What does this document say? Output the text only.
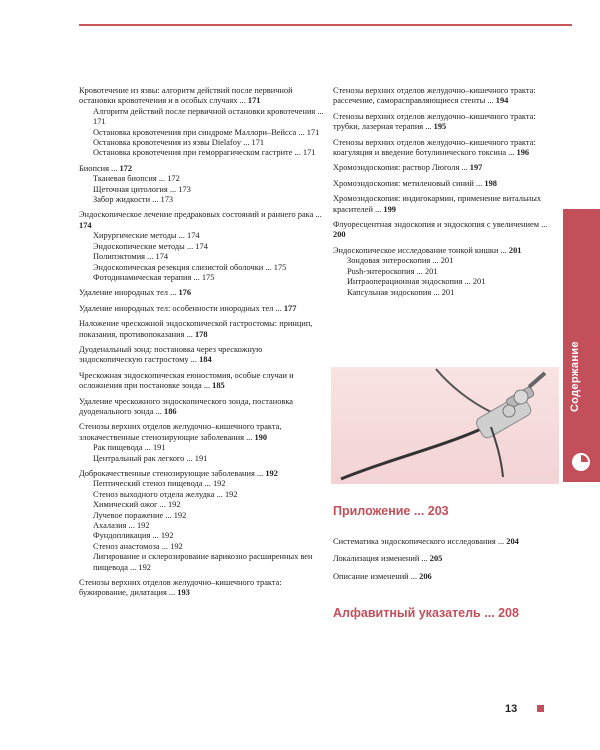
Кровотечение из язвы: алгоритм действий после первичной остановки кровотечения и в особых случаях ... 171
Алгоритм действий после первичной остановки кровотечения ... 171
Остановка кровотечения при синдроме Маллори–Вейсса ... 171
Остановка кровотечения из язвы Dielafoy ... 171
Остановка кровотечения при геморрагическом гастрите ... 171
Биопсия ... 172
Тканевая биопсия ... 172
Щеточная цитология ... 173
Забор жидкости ... 173
Эндоскопическое лечение предраковых состояний и раннего рака ... 174
Хирургические методы ... 174
Эндоскопические методы ... 174
Полипэктомия ... 174
Эндоскопическая резекция слизистой оболочки ... 175
Фотодинамическая терапия ... 175
Удаление инородных тел ... 176
Удаление инородных тел: особенности инородных тел ... 177
Наложение чрескожной эндоскопической гастростомы: принцип, показания, противопоказания ... 178
Дуоденальный зонд: постановка через чрескожную эндоскопическую гастростому ... 184
Чрескожная эндоскопическая еюностомия, особые случаи и осложнения при постановке зонда ... 185
Удаление чрескожного эндоскопического зонда, постановка дуоденального зонда ... 186
Стенозы верхних отделов желудочно–кишечного тракта, злокачественные стенозирующие заболевания ... 190
Рак пищевода ... 191
Центральный рак легкого ... 191
Доброкачественные стенозирующие заболевания ... 192
Пептический стеноз пищевода ... 192
Стеноз выходного отдела желудка ... 192
Химический ожог ... 192
Лучевое поражение ... 192
Ахалазия ... 192
Фундопликация ... 192
Стеноз анастомоза ... 192
Лигирование и склерозирование варикозно расширенных вен пищевода ... 192
Стенозы верхних отделов желудочно–кишечного тракта: бужирование, дилатация ... 193
Стенозы верхних отделов желудочно–кишечного тракта: рассечение, саморасправляющиеся стенты ... 194
Стенозы верхних отделов желудочно–кишечного тракта: трубки, лазерная терапия ... 195
Стенозы верхних отделов желудочно–кишечного тракта: коагуляция и введение ботулинического токсина ... 196
Хромоэндоскопия: раствор Люголя ... 197
Хромоэндоскопия: метиленовый синий ... 198
Хромоэндоскопия: индигокармин, применение витальных красителей ... 199
Флуоресцентная эндоскопия и эндоскопия с увеличением ... 200
Эндоскопическое исследование тонкой кишки ... 201
Зондовая энтероскопия ... 201
Push-энтероскопия ... 201
Интраоперационная эндоскопия ... 201
Капсульная эндоскопия ... 201
Приложение ... 203
Систематика эндоскопического исследования ... 204
Локализация изменений ... 205
Описание изменений ... 206
Алфавитный указатель ... 208
Содержание
13
